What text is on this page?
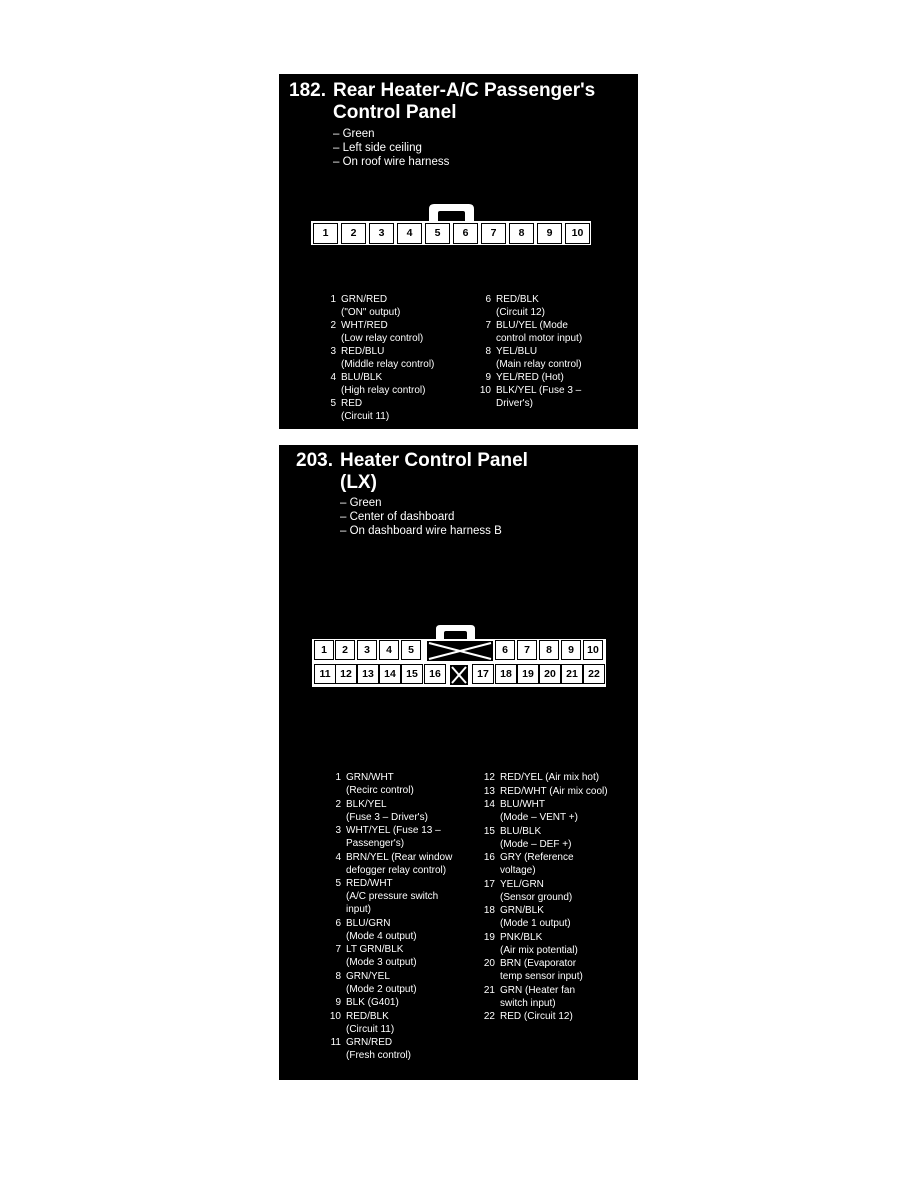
182. Rear Heater-A/C Passenger's
Control Panel
– Green
– Left side ceiling
– On roof wire harness
1	2	3	4	5	6	7	8	9	10
1 GRN/RED
("ON" output)
2 WHT/RED
(Low relay control)
3 RED/BLU
(Middle relay control)
4 BLU/BLK
(High relay control)
5 RED
(Circuit 11)
6 RED/BLK
(Circuit 12)
7 BLU/YEL (Mode
control motor input)
8 YEL/BLU
(Main relay control)
9 YEL/RED (Hot)
10 BLK/YEL (Fuse 3 –
Driver's)
203. Heater Control Panel
(LX)
– Green
– Center of dashboard
– On dashboard wire harness B
1	2	3	4	5	6	7	8	9	10
11 12 13 14 15	16	17	18 19 20 21 22
1 GRN/WHT
(Recirc control)
2 BLK/YEL
(Fuse 3 – Driver's)
3 WHT/YEL (Fuse 13 –
Passenger's)
4 BRN/YEL (Rear window
defogger relay control)
5 RED/WHT
(A/C pressure switch
input)
6 BLU/GRN
(Mode 4 output)
7 LT GRN/BLK
(Mode 3 output)
8 GRN/YEL
(Mode 2 output)
9 BLK (G401)
10 RED/BLK
(Circuit 11)
11 GRN/RED
(Fresh control)
12 RED/YEL (Air mix hot)
13 RED/WHT (Air mix cool)
14 BLU/WHT
(Mode – VENT +)
15 BLU/BLK
(Mode – DEF +)
16 GRY (Reference
voltage)
17 YEL/GRN
(Sensor ground)
18 GRN/BLK
(Mode 1 output)
19 PNK/BLK
(Air mix potential)
20 BRN (Evaporator
temp sensor input)
21 GRN (Heater fan
switch input)
22 RED (Circuit 12)
